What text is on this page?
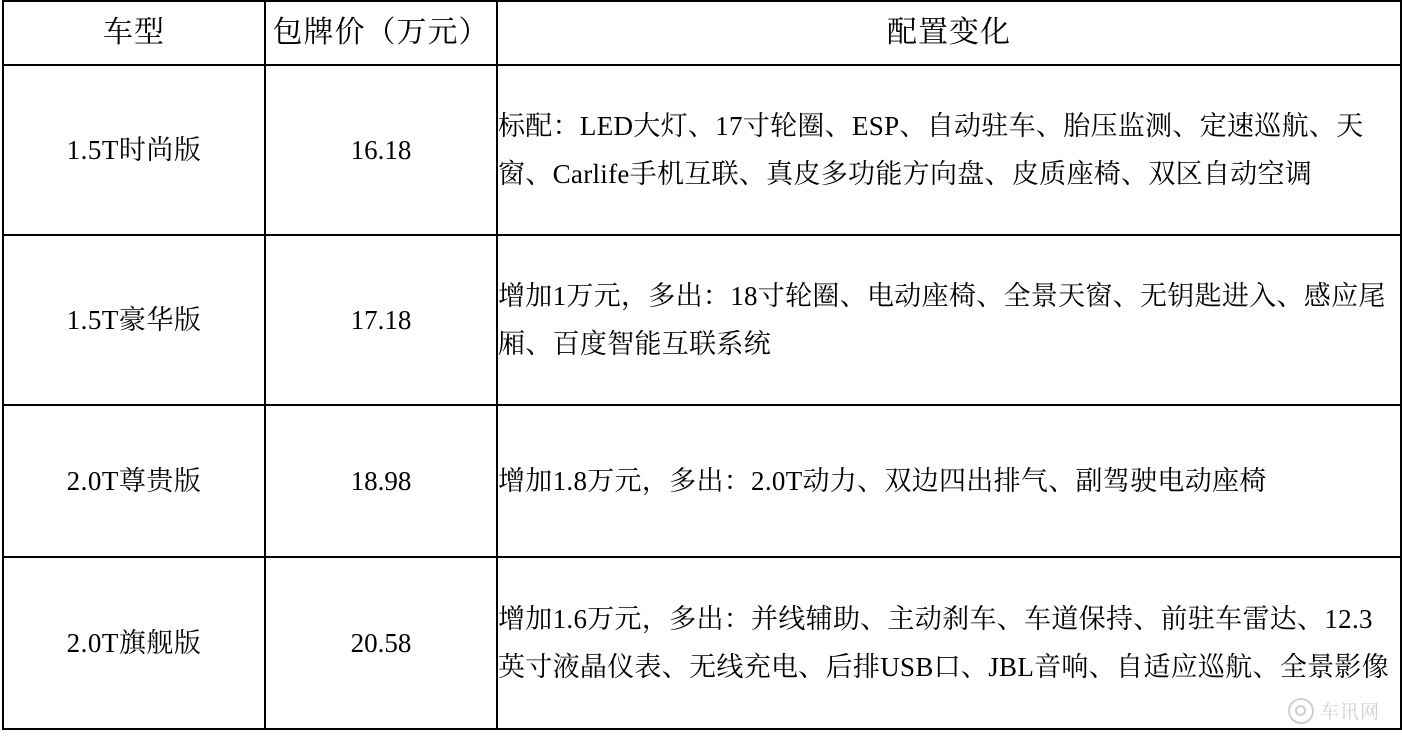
车型	包牌价（万元）	配置变化
1.5T时尚版	16.18	标配：LED大灯、17寸轮圈、ESP、自动驻车、胎压监测、定速巡航、天窗、Carlife手机互联、真皮多功能方向盘、皮质座椅、双区自动空调
1.5T豪华版	17.18	增加1万元，多出：18寸轮圈、电动座椅、全景天窗、无钥匙进入、感应尾厢、百度智能互联系统
2.0T尊贵版	18.98	增加1.8万元，多出：2.0T动力、双边四出排气、副驾驶电动座椅
2.0T旗舰版	20.58	增加1.6万元，多出：并线辅助、主动刹车、车道保持、前驻车雷达、12.3英寸液晶仪表、无线充电、后排USB口、JBL音响、自适应巡航、全景影像
车讯网
